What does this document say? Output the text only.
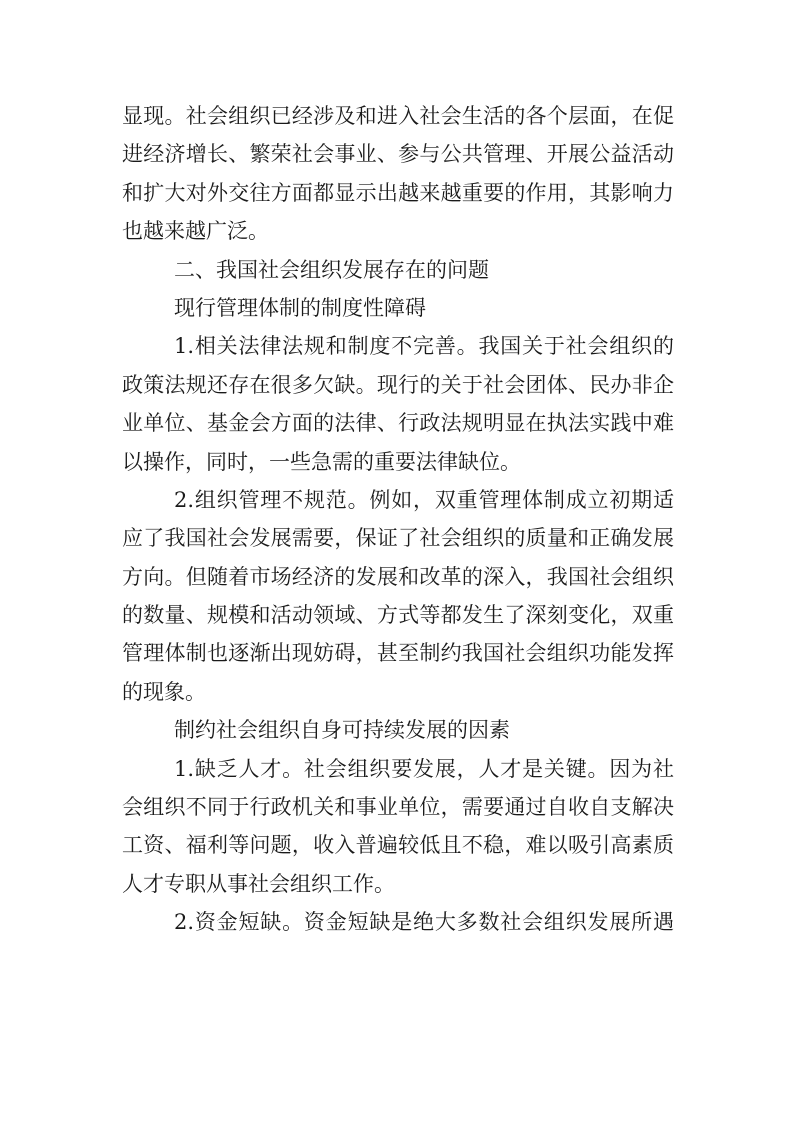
显现。社会组织已经涉及和进入社会生活的各个层面，在促
进经济增长、繁荣社会事业、参与公共管理、开展公益活动
和扩大对外交往方面都显示出越来越重要的作用，其影响力
也越来越广泛。
二、我国社会组织发展存在的问题
现行管理体制的制度性障碍
1.相关法律法规和制度不完善。我国关于社会组织的
政策法规还存在很多欠缺。现行的关于社会团体、民办非企
业单位、基金会方面的法律、行政法规明显在执法实践中难
以操作，同时，一些急需的重要法律缺位。
2.组织管理不规范。例如，双重管理体制成立初期适
应了我国社会发展需要，保证了社会组织的质量和正确发展
方向。但随着市场经济的发展和改革的深入，我国社会组织
的数量、规模和活动领域、方式等都发生了深刻变化，双重
管理体制也逐渐出现妨碍，甚至制约我国社会组织功能发挥
的现象。
制约社会组织自身可持续发展的因素
1.缺乏人才。社会组织要发展，人才是关键。因为社
会组织不同于行政机关和事业单位，需要通过自收自支解决
工资、福利等问题，收入普遍较低且不稳，难以吸引高素质
人才专职从事社会组织工作。
2.资金短缺。资金短缺是绝大多数社会组织发展所遇
